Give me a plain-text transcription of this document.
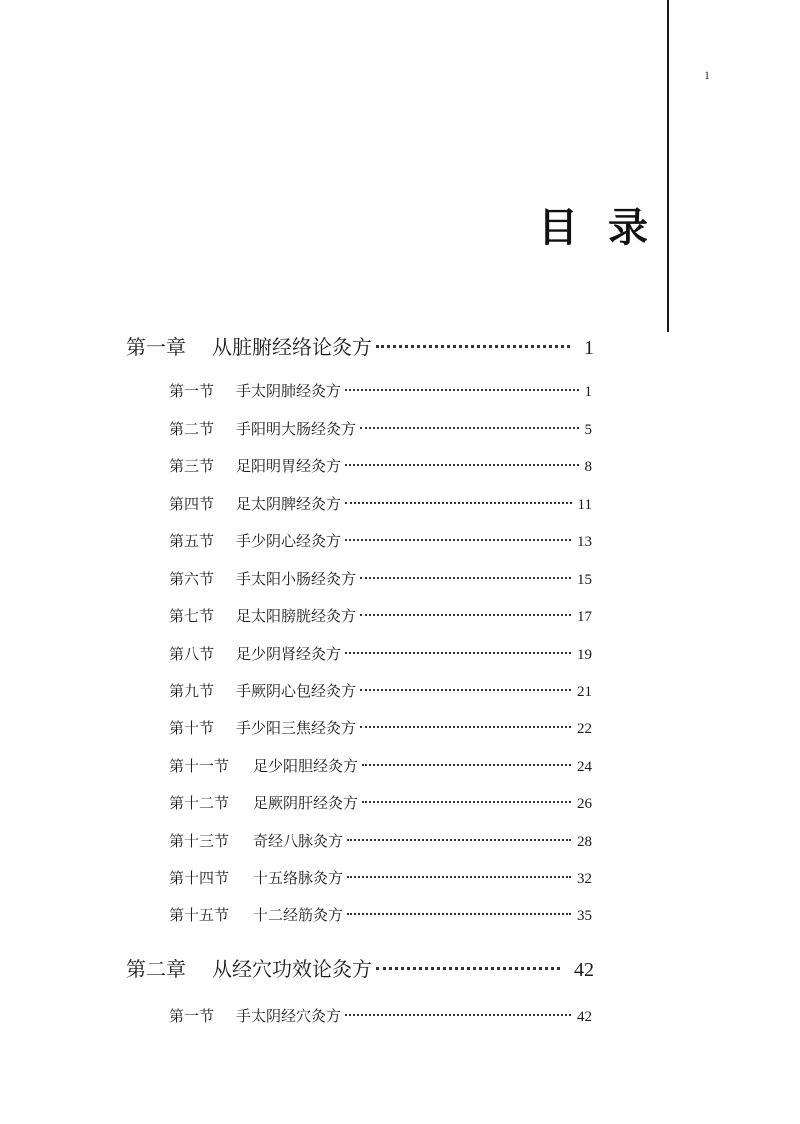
1
目录
第一章	从脏腑经络论灸方	1
第一节	手太阴肺经灸方	1
第二节	手阳明大肠经灸方	5
第三节	足阳明胃经灸方	8
第四节	足太阴脾经灸方	11
第五节	手少阴心经灸方	13
第六节	手太阳小肠经灸方	15
第七节	足太阳膀胱经灸方	17
第八节	足少阴肾经灸方	19
第九节	手厥阴心包经灸方	21
第十节	手少阳三焦经灸方	22
第十一节	足少阳胆经灸方	24
第十二节	足厥阴肝经灸方	26
第十三节	奇经八脉灸方	28
第十四节	十五络脉灸方	32
第十五节	十二经筋灸方	35
第二章	从经穴功效论灸方	42
第一节	手太阴经穴灸方	42
